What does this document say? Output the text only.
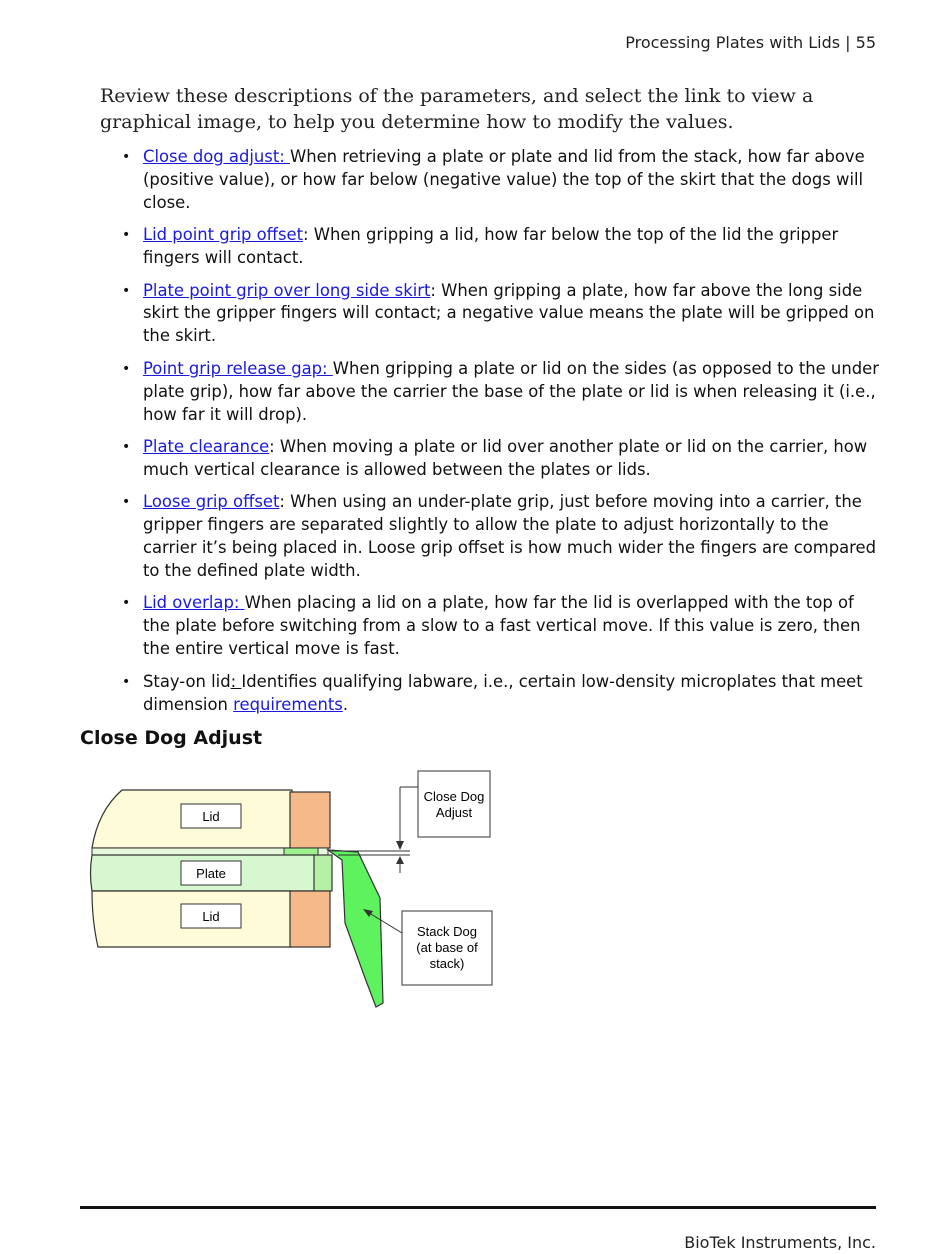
Processing Plates with Lids | 55
Review these descriptions of the parameters, and select the link to view a graphical image, to help you determine how to modify the values.
• Close dog adjust: When retrieving a plate or plate and lid from the stack, how far above (positive value), or how far below (negative value) the top of the skirt that the dogs will close.
• Lid point grip offset: When gripping a lid, how far below the top of the lid the gripper fingers will contact.
• Plate point grip over long side skirt: When gripping a plate, how far above the long side skirt the gripper fingers will contact; a negative value means the plate will be gripped on the skirt.
• Point grip release gap: When gripping a plate or lid on the sides (as opposed to the under plate grip), how far above the carrier the base of the plate or lid is when releasing it (i.e., how far it will drop).
• Plate clearance: When moving a plate or lid over another plate or lid on the carrier, how much vertical clearance is allowed between the plates or lids.
• Loose grip offset: When using an under-plate grip, just before moving into a carrier, the gripper fingers are separated slightly to allow the plate to adjust horizontally to the carrier it’s being placed in. Loose grip offset is how much wider the fingers are compared to the defined plate width.
• Lid overlap: When placing a lid on a plate, how far the lid is overlapped with the top of the plate before switching from a slow to a fast vertical move. If this value is zero, then the entire vertical move is fast.
• Stay-on lid: Identifies qualifying labware, i.e., certain low-density microplates that meet dimension requirements.
Close Dog Adjust
Lid
Plate
Lid
Close Dog
Adjust
Stack Dog
(at base of
stack)
BioTek Instruments, Inc.
